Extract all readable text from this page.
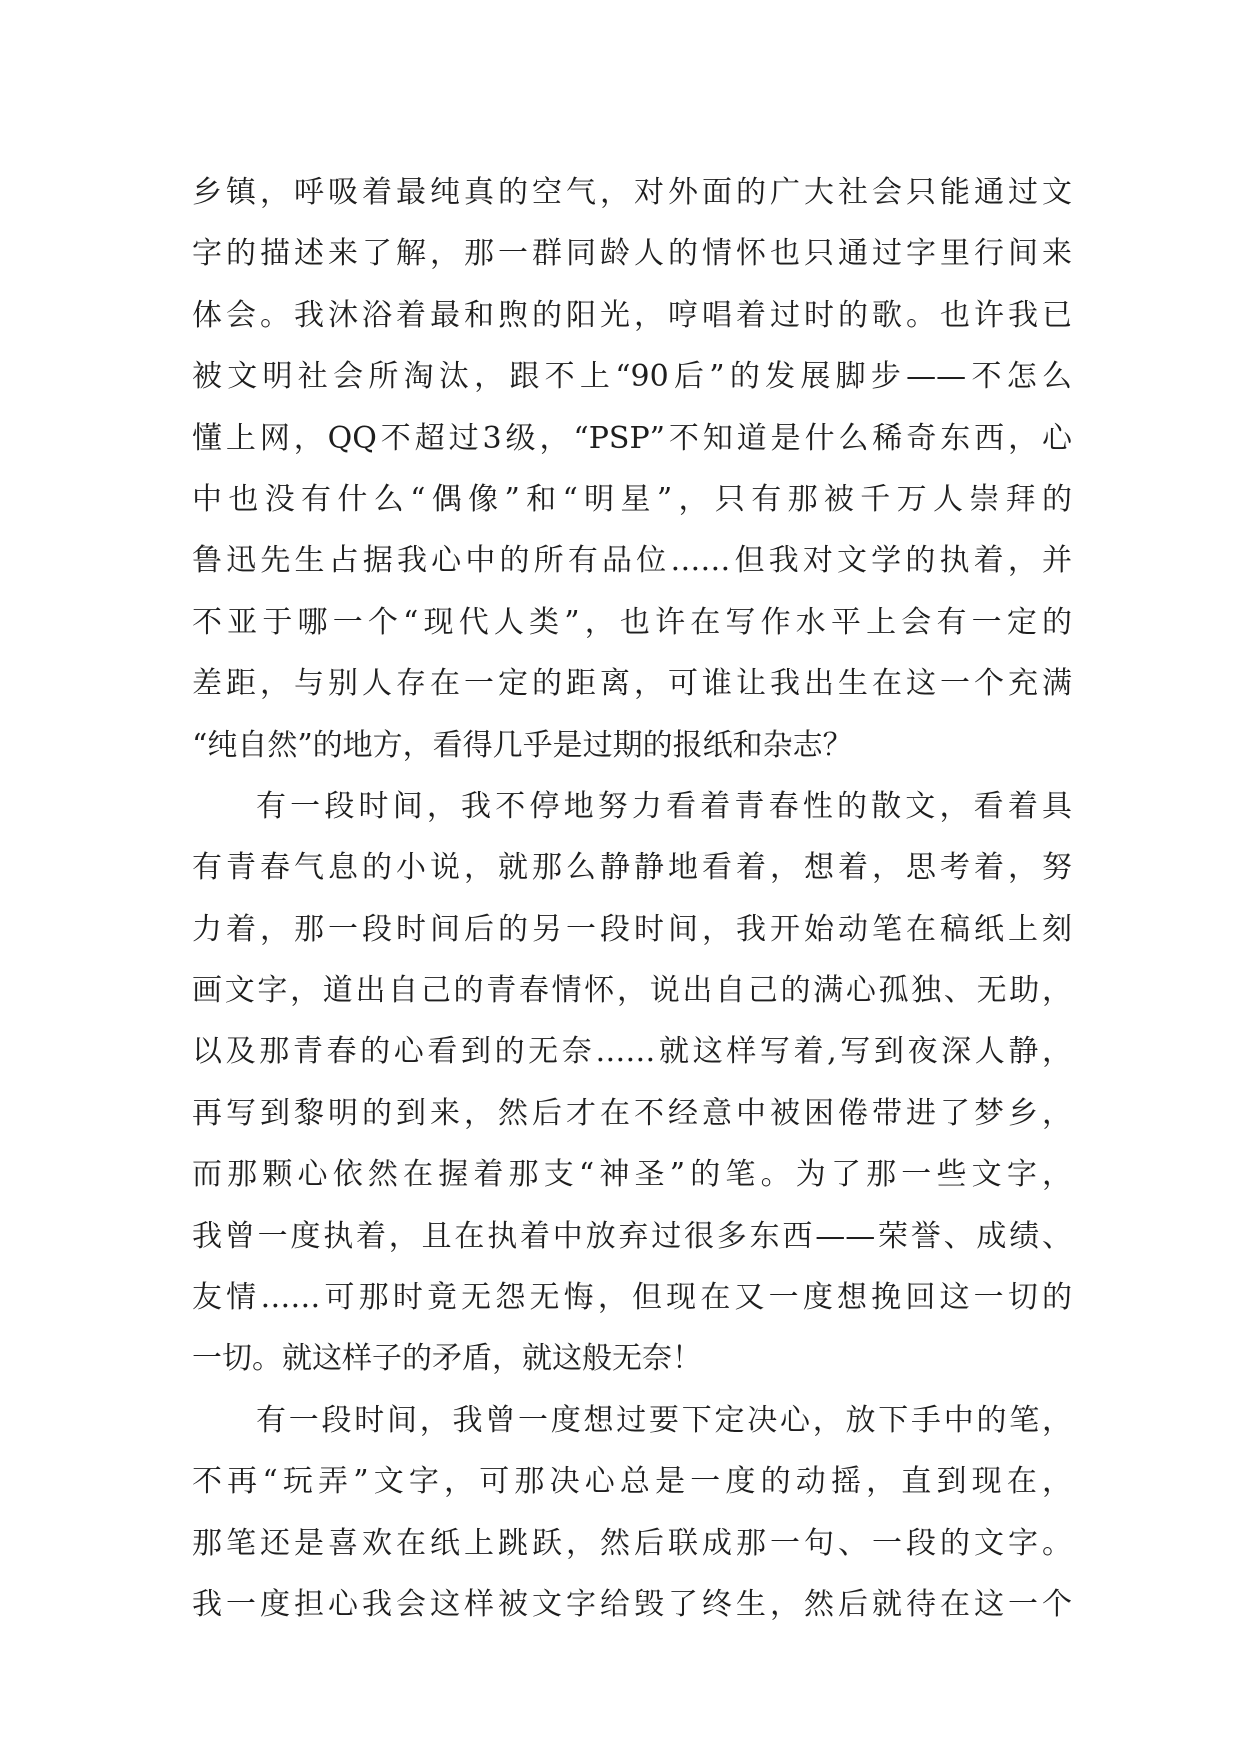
乡镇，呼吸着最纯真的空气，对外面的广大社会只能通过文
字的描述来了解，那一群同龄人的情怀也只通过字里行间来
体会。我沐浴着最和煦的阳光，哼唱着过时的歌。也许我已
被文明社会所淘汰，跟不上“90后”的发展脚步——不怎么
懂上网，QQ不超过3级，“PSP”不知道是什么稀奇东西，心
中也没有什么“偶像”和“明星”，只有那被千万人崇拜的
鲁迅先生占据我心中的所有品位……但我对文学的执着，并
不亚于哪一个“现代人类”，也许在写作水平上会有一定的
差距，与别人存在一定的距离，可谁让我出生在这一个充满
“纯自然”的地方，看得几乎是过期的报纸和杂志？
有一段时间，我不停地努力看着青春性的散文，看着具
有青春气息的小说，就那么静静地看着，想着，思考着，努
力着，那一段时间后的另一段时间，我开始动笔在稿纸上刻
画文字，道出自己的青春情怀，说出自己的满心孤独、无助，
以及那青春的心看到的无奈……就这样写着,写到夜深人静，
再写到黎明的到来，然后才在不经意中被困倦带进了梦乡，
而那颗心依然在握着那支“神圣”的笔。为了那一些文字，
我曾一度执着，且在执着中放弃过很多东西——荣誉、成绩、
友情……可那时竟无怨无悔，但现在又一度想挽回这一切的
一切。就这样子的矛盾，就这般无奈！
有一段时间，我曾一度想过要下定决心，放下手中的笔，
不再“玩弄”文字，可那决心总是一度的动摇，直到现在，
那笔还是喜欢在纸上跳跃，然后联成那一句、一段的文字。
我一度担心我会这样被文字给毁了终生，然后就待在这一个
